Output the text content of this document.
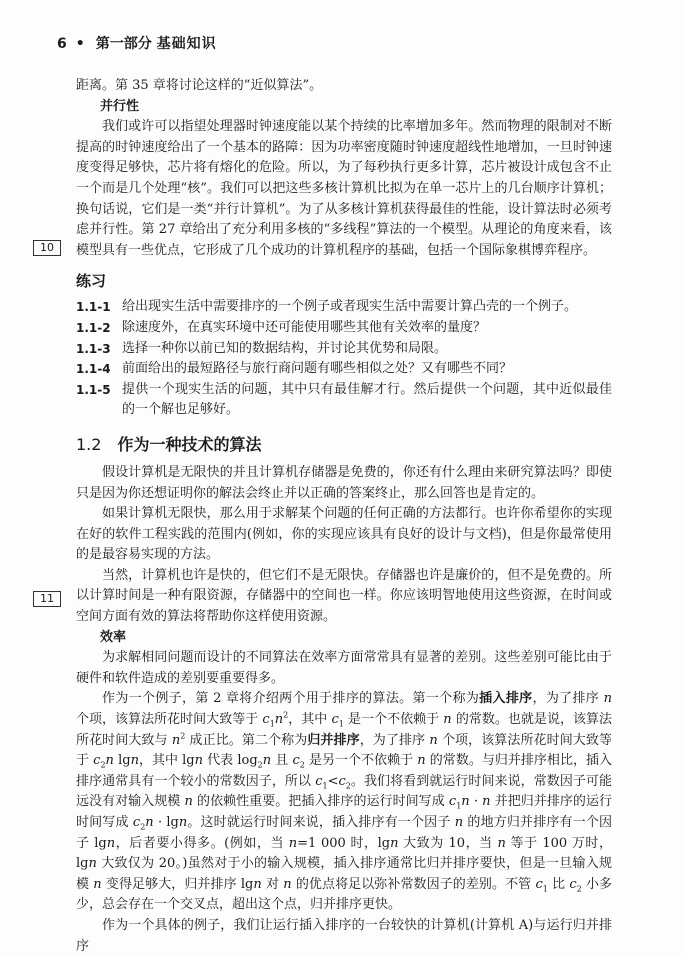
6 • 第一部分 基础知识
10
11

距离。第 35 章将讨论这样的“近似算法”。

并行性

我们或许可以指望处理器时钟速度能以某个持续的比率增加多年。然而物理的限制对不断提高的时钟速度给出了一个基本的路障：因为功率密度随时钟速度超线性地增加，一旦时钟速度变得足够快，芯片将有熔化的危险。所以，为了每秒执行更多计算，芯片被设计成包含不止一个而是几个处理“核”。我们可以把这些多核计算机比拟为在单一芯片上的几台顺序计算机；换句话说，它们是一类“并行计算机”。为了从多核计算机获得最佳的性能，设计算法时必须考虑并行性。第 27 章给出了充分利用多核的“多线程”算法的一个模型。从理论的角度来看，该模型具有一些优点，它形成了几个成功的计算机程序的基础，包括一个国际象棋博弈程序。

练习
1.1-1 给出现实生活中需要排序的一个例子或者现实生活中需要计算凸壳的一个例子。
1.1-2 除速度外，在真实环境中还可能使用哪些其他有关效率的量度？
1.1-3 选择一种你以前已知的数据结构，并讨论其优势和局限。
1.1-4 前面给出的最短路径与旅行商问题有哪些相似之处？又有哪些不同？
1.1-5 提供一个现实生活的问题，其中只有最佳解才行。然后提供一个问题，其中近似最佳的一个解也足够好。
1.2 作为一种技术的算法

假设计算机是无限快的并且计算机存储器是免费的，你还有什么理由来研究算法吗？即使只是因为你还想证明你的解法会终止并以正确的答案终止，那么回答也是肯定的。

如果计算机无限快，那么用于求解某个问题的任何正确的方法都行。也许你希望你的实现在好的软件工程实践的范围内(例如，你的实现应该具有良好的设计与文档)，但是你最常使用的是最容易实现的方法。

当然，计算机也许是快的，但它们不是无限快。存储器也许是廉价的，但不是免费的。所以计算时间是一种有限资源，存储器中的空间也一样。你应该明智地使用这些资源，在时间或空间方面有效的算法将帮助你这样使用资源。

效率

为求解相同问题而设计的不同算法在效率方面常常具有显著的差别。这些差别可能比由于硬件和软件造成的差别要重要得多。

作为一个例子，第 2 章将介绍两个用于排序的算法。第一个称为插入排序，为了排序 n 个项，该算法所花时间大致等于 $c_1n^2$，其中 $c_1$ 是一个不依赖于 n 的常数。也就是说，该算法所花时间大致与 $n^2$ 成正比。第二个称为归并排序，为了排序 n 个项，该算法所花时间大致等于 $c_2n$ lgn，其中 lgn 代表 $\log_2n$ 且 $c_2$ 是另一个不依赖于 n 的常数。与归并排序相比，插入排序通常具有一个较小的常数因子，所以 $c_1<c_2$。我们将看到就运行时间来说，常数因子可能远没有对输入规模 n 的依赖性重要。把插入排序的运行时间写成 $c_1n \cdot n$ 并把归并排序的运行时间写成 $c_2n \cdot \lg n$。这时就运行时间来说，插入排序有一个因子 n 的地方归并排序有一个因子 lgn，后者要小得多。(例如，当 n=1 000 时，lgn 大致为 10，当 n 等于 100 万时，lgn 大致仅为 20。)虽然对于小的输入规模，插入排序通常比归并排序要快，但是一旦输入规模 n 变得足够大，归并排序 lgn 对 n 的优点将足以弥补常数因子的差别。不管 $c_1$ 比 $c_2$ 小多少，总会存在一个交叉点，超出这个点，归并排序更快。

作为一个具体的例子，我们让运行插入排序的一台较快的计算机(计算机 A)与运行归并排序
